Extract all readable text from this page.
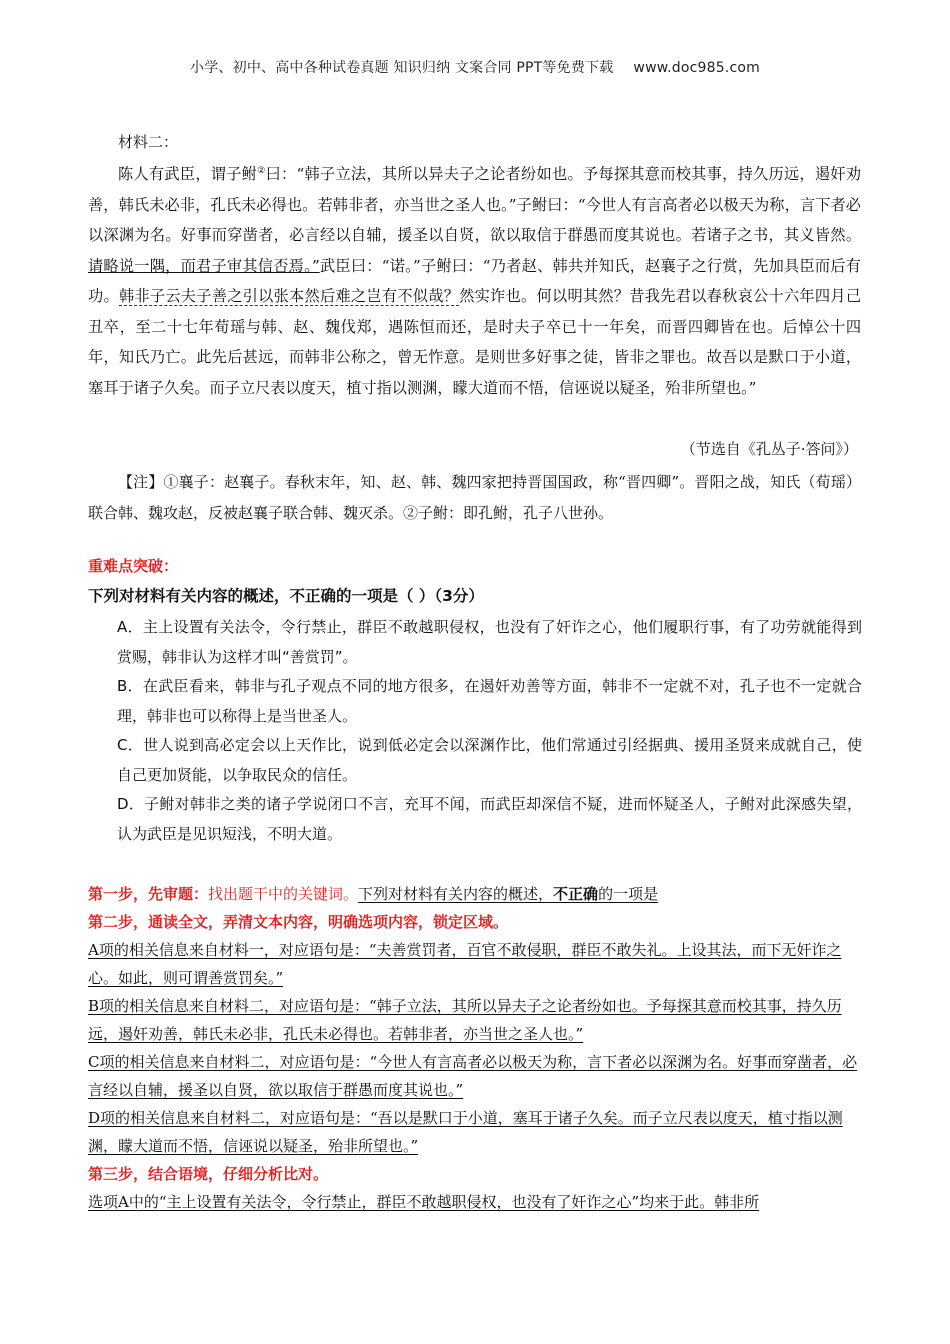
小学、初中、高中各种试卷真题 知识归纳 文案合同 PPT等免费下载 www.doc985.com
材料二：

陈人有武臣，谓子鲋②曰：“韩子立法，其所以异夫子之论者纷如也。予每探其意而校其事，持久历远，遏奸劝善，韩氏未必非，孔氏未必得也。若韩非者，亦当世之圣人也。”子鲋曰：“今世人有言高者必以极天为称，言下者必以深渊为名。好事而穿凿者，必言经以自辅，援圣以自贤，欲以取信于群愚而度其说也。若诸子之书，其义皆然。请略说一隅，而君子审其信否焉。”武臣曰：“诺。”子鲋曰：“乃者赵、韩共并知氏，赵襄子之行赏，先加具臣而后有功。韩非子云夫子善之引以张本然后难之岂有不似哉？然实诈也。何以明其然？昔我先君以春秋哀公十六年四月己丑卒，至二十七年荀瑶与韩、赵、魏伐郑，遇陈恒而还，是时夫子卒已十一年矣，而晋四卿皆在也。后悼公十四年，知氏乃亡。此先后甚远，而韩非公称之，曾无怍意。是则世多好事之徒，皆非之罪也。故吾以是默口于小道，塞耳于诸子久矣。而子立尺表以度天，植寸指以测渊，矇大道而不悟，信诬说以疑圣，殆非所望也。”

（节选自《孔丛子·答问》）

【注】①襄子：赵襄子。春秋末年，知、赵、韩、魏四家把持晋国国政，称“晋四卿”。晋阳之战，知氏（荀瑶）联合韩、魏攻赵，反被赵襄子联合韩、魏灭杀。②子鲋：即孔鲋，孔子八世孙。

重难点突破：
下列对材料有关内容的概述，不正确的一项是（ ）（3分）

A．主上设置有关法令，令行禁止，群臣不敢越职侵权，也没有了奸诈之心，他们履职行事，有了功劳就能得到赏赐，韩非认为这样才叫“善赏罚”。

B．在武臣看来，韩非与孔子观点不同的地方很多，在遏奸劝善等方面，韩非不一定就不对，孔子也不一定就合理，韩非也可以称得上是当世圣人。

C．世人说到高必定会以上天作比，说到低必定会以深渊作比，他们常通过引经据典、援用圣贤来成就自己，使自己更加贤能，以争取民众的信任。

D．子鲋对韩非之类的诸子学说闭口不言，充耳不闻，而武臣却深信不疑，进而怀疑圣人，子鲋对此深感失望，认为武臣是见识短浅，不明大道。

第一步，先审题：找出题干中的关键词。下列对材料有关内容的概述，不正确的一项是

第二步，通读全文，弄清文本内容，明确选项内容，锁定区域。

A项的相关信息来自材料一，对应语句是：“夫善赏罚者，百官不敢侵职，群臣不敢失礼。上设其法，而下无奸诈之心。如此，则可谓善赏罚矣。”

B项的相关信息来自材料二，对应语句是：“韩子立法，其所以异夫子之论者纷如也。予每探其意而校其事，持久历远，遏奸劝善，韩氏未必非，孔氏未必得也。若韩非者，亦当世之圣人也。”

C项的相关信息来自材料二，对应语句是：“今世人有言高者必以极天为称，言下者必以深渊为名。好事而穿凿者，必言经以自辅，援圣以自贤，欲以取信于群愚而度其说也。”

D项的相关信息来自材料二，对应语句是：“吾以是默口于小道，塞耳于诸子久矣。而子立尺表以度天，植寸指以测渊，矇大道而不悟，信诬说以疑圣，殆非所望也。”

第三步，结合语境，仔细分析比对。

选项A中的“主上设置有关法令，令行禁止，群臣不敢越职侵权，也没有了奸诈之心”均来于此。韩非所
